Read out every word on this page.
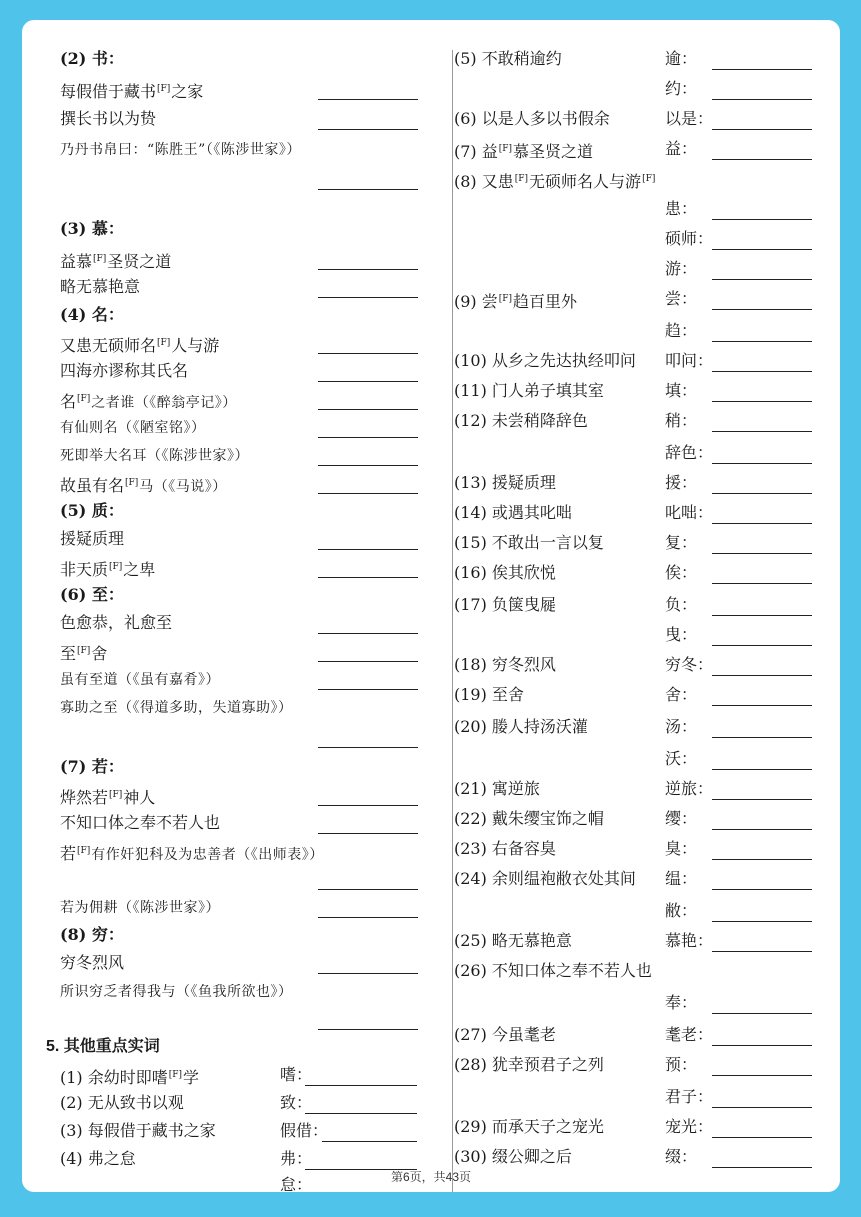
(2) 书：
每假借于藏书[F]之家
撰长书以为贽
乃丹书帛曰：“陈胜王”（《陈涉世家》）
(3) 慕：
益慕[F]圣贤之道
略无慕艳意
(4) 名：
又患无硕师名[F]人与游
四海亦谬称其氏名
名[F]之者谁（《醉翁亭记》）
有仙则名（《陋室铭》）
死即举大名耳（《陈涉世家》）
故虽有名[F]马（《马说》）
(5) 质：
援疑质理
非天质[F]之卑
(6) 至：
色愈恭，礼愈至
至[F]舍
虽有至道（《虽有嘉肴》）
寡助之至（《得道多助，失道寡助》）
(7) 若：
烨然若[F]神人
不知口体之奉不若人也
若[F]有作奸犯科及为忠善者（《出师表》）
若为佣耕（《陈涉世家》）
(8) 穷：
穷冬烈风
所识穷乏者得我与（《鱼我所欲也》）
5. 其他重点实词
(1) 余幼时即嗜[F]学	嗜：
(2) 无从致书以观	致：
(3) 每假借于藏书之家	假借：
(4) 弗之怠	弗：
怠：
(5) 不敢稍逾约	逾：
约：
(6) 以是人多以书假余	以是：
(7) 益[F]慕圣贤之道	益：
(8) 又患[F]无硕师名人与游[F]
患：
硕师：
游：
(9) 尝[F]趋百里外	尝：
趋：
(10) 从乡之先达执经叩问 叩问：
(11) 门人弟子填其室	填：
(12) 未尝稍降辞色	稍：
辞色：
(13) 援疑质理	援：
(14) 或遇其叱咄	叱咄：
(15) 不敢出一言以复	复：
(16) 俟其欣悦	俟：
(17) 负箧曳屣	负：
曳：
(18) 穷冬烈风	穷冬：
(19) 至舍	舍：
(20) 媵人持汤沃灌	汤：
沃：
(21) 寓逆旅	逆旅：
(22) 戴朱缨宝饰之帽	缨：
(23) 右备容臭	臭：
(24) 余则缊袍敝衣处其间 缊：
敝：
(25) 略无慕艳意	慕艳：
(26) 不知口体之奉不若人也
奉：
(27) 今虽耄老	耄老：
(28) 犹幸预君子之列	预：
君子：
(29) 而承天子之宠光	宠光：
(30) 缀公卿之后	缀：
第6页，共43页
